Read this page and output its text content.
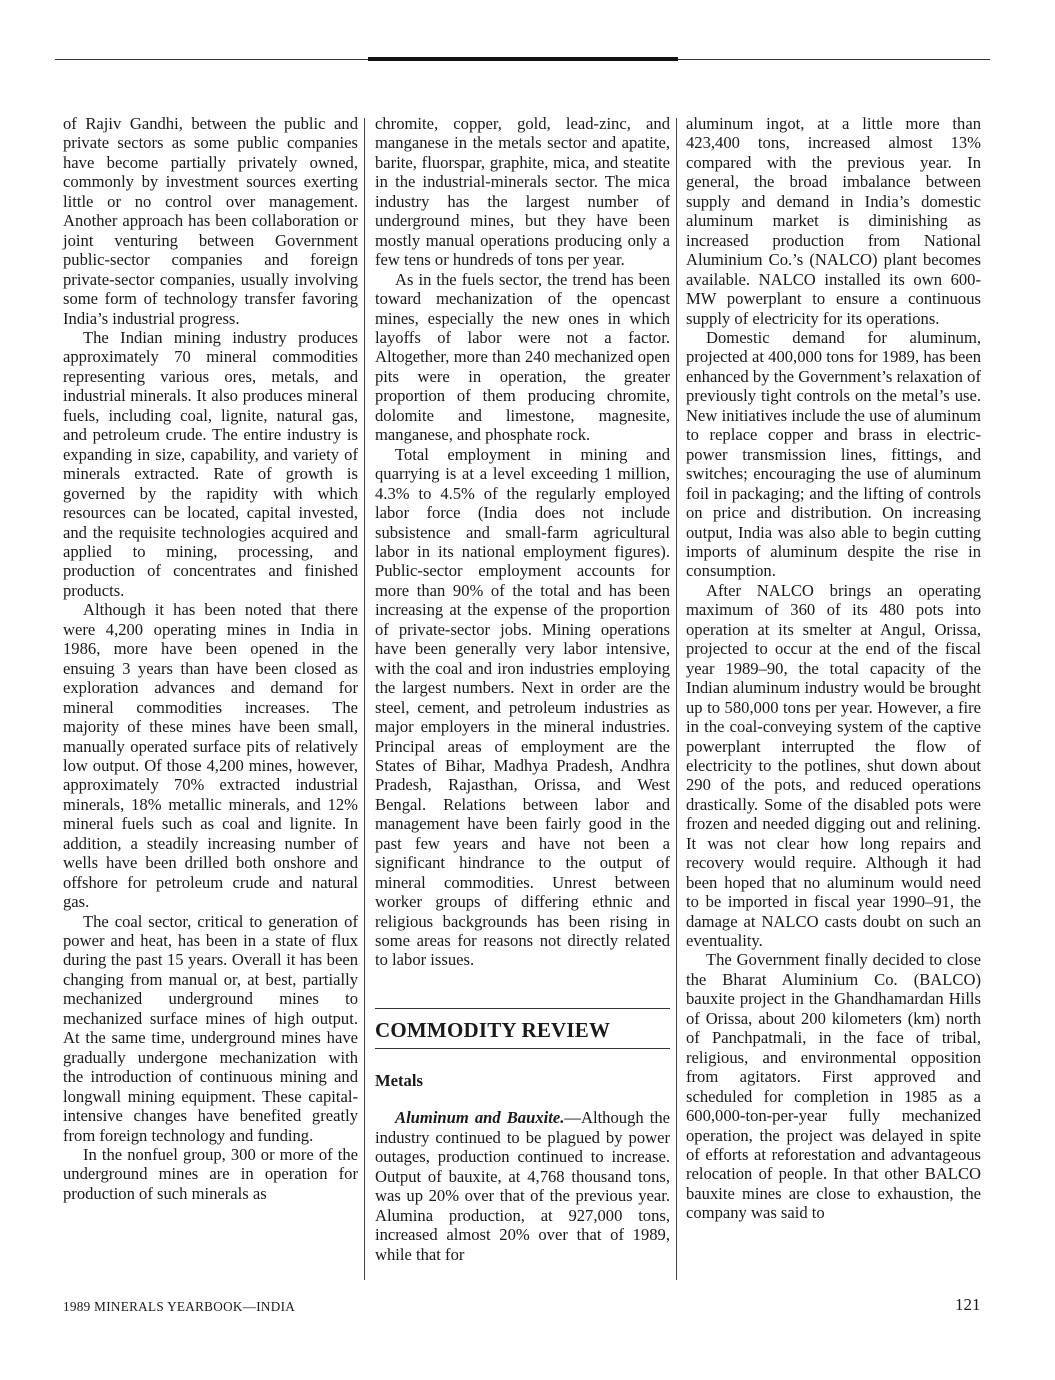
of Rajiv Gandhi, between the public and private sectors as some public companies have become partially privately owned, commonly by investment sources exerting little or no control over management. Another approach has been collaboration or joint venturing between Government public-sector companies and foreign private-sector companies, usually involving some form of technology transfer favoring India’s industrial progress.

The Indian mining industry produces approximately 70 mineral commodities representing various ores, metals, and industrial minerals. It also produces mineral fuels, including coal, lignite, natural gas, and petroleum crude. The entire industry is expanding in size, capability, and variety of minerals extracted. Rate of growth is governed by the rapidity with which resources can be located, capital invested, and the requisite technologies acquired and applied to mining, processing, and production of concentrates and finished products.

Although it has been noted that there were 4,200 operating mines in India in 1986, more have been opened in the ensuing 3 years than have been closed as exploration advances and demand for mineral commodities increases. The majority of these mines have been small, manually operated surface pits of relatively low output. Of those 4,200 mines, however, approximately 70% extracted industrial minerals, 18% metallic minerals, and 12% mineral fuels such as coal and lignite. In addition, a steadily increasing number of wells have been drilled both onshore and offshore for petroleum crude and natural gas.

The coal sector, critical to generation of power and heat, has been in a state of flux during the past 15 years. Overall it has been changing from manual or, at best, partially mechanized underground mines to mechanized surface mines of high output. At the same time, underground mines have gradually undergone mechanization with the introduction of continuous mining and longwall mining equipment. These capital-intensive changes have benefited greatly from foreign technology and funding.

In the nonfuel group, 300 or more of the underground mines are in operation for production of such minerals as

chromite, copper, gold, lead-zinc, and manganese in the metals sector and apatite, barite, fluorspar, graphite, mica, and steatite in the industrial-minerals sector. The mica industry has the largest number of underground mines, but they have been mostly manual operations producing only a few tens or hundreds of tons per year.

As in the fuels sector, the trend has been toward mechanization of the opencast mines, especially the new ones in which layoffs of labor were not a factor. Altogether, more than 240 mechanized open pits were in operation, the greater proportion of them producing chromite, dolomite and limestone, magnesite, manganese, and phosphate rock.

Total employment in mining and quarrying is at a level exceeding 1 million, 4.3% to 4.5% of the regularly employed labor force (India does not include subsistence and small-farm agricultural labor in its national employment figures). Public-sector employment accounts for more than 90% of the total and has been increasing at the expense of the proportion of private-sector jobs. Mining operations have been generally very labor intensive, with the coal and iron industries employing the largest numbers. Next in order are the steel, cement, and petroleum industries as major employers in the mineral industries. Principal areas of employment are the States of Bihar, Madhya Pradesh, Andhra Pradesh, Rajasthan, Orissa, and West Bengal. Relations between labor and management have been fairly good in the past few years and have not been a significant hindrance to the output of mineral commodities. Unrest between worker groups of differing ethnic and religious backgrounds has been rising in some areas for reasons not directly related to labor issues.

COMMODITY REVIEW
Metals

Aluminum and Bauxite.—Although the industry continued to be plagued by power outages, production continued to increase. Output of bauxite, at 4,768 thousand tons, was up 20% over that of the previous year. Alumina production, at 927,000 tons, increased almost 20% over that of 1989, while that for

aluminum ingot, at a little more than 423,400 tons, increased almost 13% compared with the previous year. In general, the broad imbalance between supply and demand in India’s domestic aluminum market is diminishing as increased production from National Aluminium Co.’s (NALCO) plant becomes available. NALCO installed its own 600-MW powerplant to ensure a continuous supply of electricity for its operations.

Domestic demand for aluminum, projected at 400,000 tons for 1989, has been enhanced by the Government’s relaxation of previously tight controls on the metal’s use. New initiatives include the use of aluminum to replace copper and brass in electric-power transmission lines, fittings, and switches; encouraging the use of aluminum foil in packaging; and the lifting of controls on price and distribution. On increasing output, India was also able to begin cutting imports of aluminum despite the rise in consumption.

After NALCO brings an operating maximum of 360 of its 480 pots into operation at its smelter at Angul, Orissa, projected to occur at the end of the fiscal year 1989–90, the total capacity of the Indian aluminum industry would be brought up to 580,000 tons per year. However, a fire in the coal-conveying system of the captive powerplant interrupted the flow of electricity to the potlines, shut down about 290 of the pots, and reduced operations drastically. Some of the disabled pots were frozen and needed digging out and relining. It was not clear how long repairs and recovery would require. Although it had been hoped that no aluminum would need to be imported in fiscal year 1990–91, the damage at NALCO casts doubt on such an eventuality.

The Government finally decided to close the Bharat Aluminium Co. (BALCO) bauxite project in the Ghandhamardan Hills of Orissa, about 200 kilometers (km) north of Panchpatmali, in the face of tribal, religious, and environmental opposition from agitators. First approved and scheduled for completion in 1985 as a 600,000-ton-per-year fully mechanized operation, the project was delayed in spite of efforts at reforestation and advantageous relocation of people. In that other BALCO bauxite mines are close to exhaustion, the company was said to

1989 MINERALS YEARBOOK—INDIA	121
